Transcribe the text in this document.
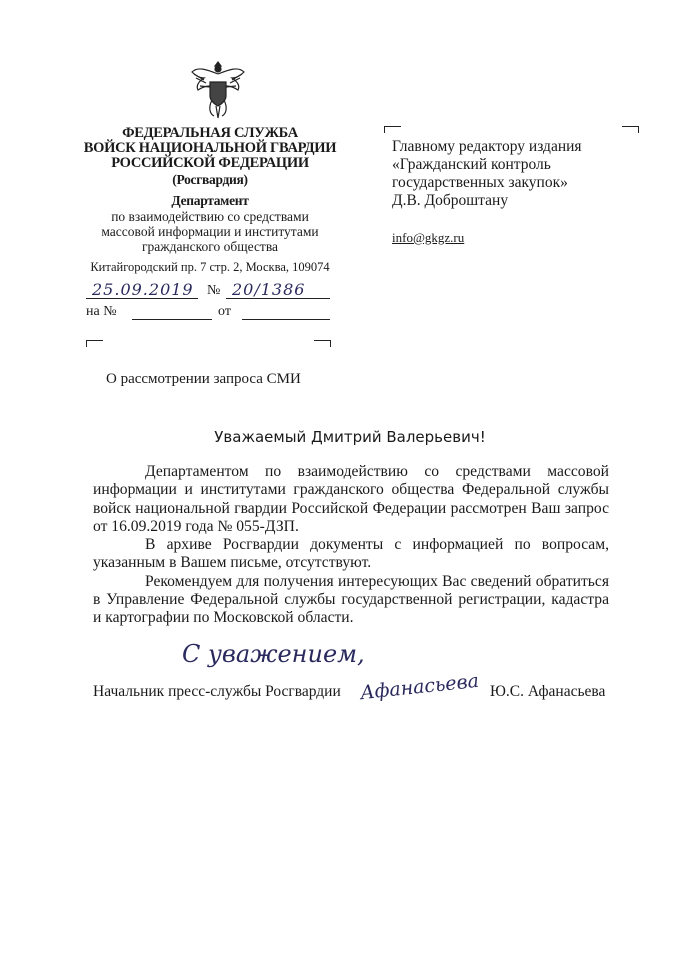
ФЕДЕРАЛЬНАЯ СЛУЖБА
ВОЙСК НАЦИОНАЛЬНОЙ ГВАРДИИ
РОССИЙСКОЙ ФЕДЕРАЦИИ
(Росгвардия)
Департамент
по взаимодействию со средствами
массовой информации и институтами
гражданского общества
Китайгородский пр. 7 стр. 2, Москва, 109074
25.09.2019 № 20/1386
на №	от
Главному редактору издания
«Гражданский контроль
государственных закупок»
Д.В. Доброштану
info@gkgz.ru
О рассмотрении запроса СМИ
Уважаемый Дмитрий Валерьевич!

Департаментом по взаимодействию со средствами массовой информации и институтами гражданского общества Федеральной службы войск национальной гвардии Российской Федерации рассмотрен Ваш запрос от 16.09.2019 года № 055-ДЗП.

В архиве Росгвардии документы с информацией по вопросам, указанным в Вашем письме, отсутствуют.

Рекомендуем для получения интересующих Вас сведений обратиться в Управление Федеральной службы государственной регистрации, кадастра и картографии по Московской области.

С уважением,
Начальник пресс-службы Росгвардии Афанасьева Ю.С. Афанасьева
